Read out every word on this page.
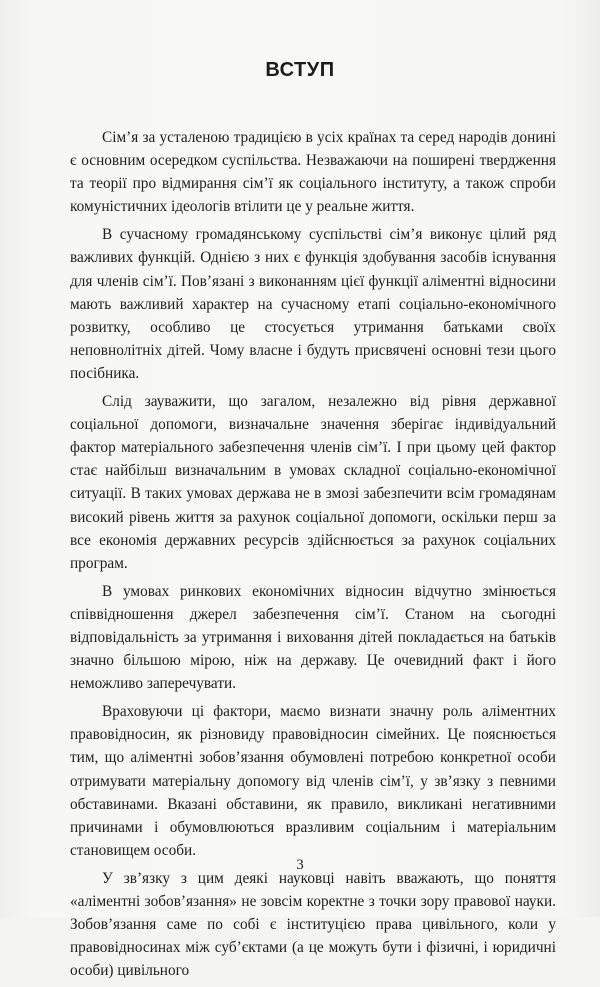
ВСТУП

Сім’я за усталеною традицією в усіх країнах та серед народів донині є основним осередком суспільства. Незважаючи на поширені твердження та теорії про відмирання сім’ї як соціального інституту, а також спроби комуністичних ідеологів втілити це у реальне життя.

В сучасному громадянському суспільстві сім’я виконує цілий ряд важливих функцій. Однією з них є функція здобування засобів існування для членів сім’ї. Пов’язані з виконанням цієї функції аліментні відносини мають важливий характер на сучасному етапі соціально-економічного розвитку, особливо це стосується утримання батьками своїх неповнолітніх дітей. Чому власне і будуть присвячені основні тези цього посібника.

Слід зауважити, що загалом, незалежно від рівня державної соціальної допомоги, визначальне значення зберігає індивідуальний фактор матеріального забезпечення членів сім’ї. І при цьому цей фактор стає найбільш визначальним в умовах складної соціально-економічної ситуації. В таких умовах держава не в змозі забезпечити всім громадянам високий рівень життя за рахунок соціальної допомоги, оскільки перш за все економія державних ресурсів здійснюється за рахунок соціальних програм.

В умовах ринкових економічних відносин відчутно змінюється співвідношення джерел забезпечення сім’ї. Станом на сьогодні відповідальність за утримання і виховання дітей покладається на батьків значно більшою мірою, ніж на державу. Це очевидний факт і його неможливо заперечувати.

Враховуючи ці фактори, маємо визнати значну роль аліментних правовідносин, як різновиду правовідносин сімейних. Це пояснюється тим, що аліментні зобов’язання обумовлені потребою конкретної особи отримувати матеріальну допомогу від членів сім’ї, у зв’язку з певними обставинами. Вказані обставини, як правило, викликані негативними причинами і обумовлюються вразливим соціальним і матеріальним становищем особи.

У зв’язку з цим деякі науковці навіть вважають, що поняття «аліментні зобов’язання» не зовсім коректне з точки зору правової науки. Зобов’язання саме по собі є інституцією права цивільного, коли у правовідносинах між суб’єктами (а це можуть бути і фізичні, і юридичні особи) цивільного

3
